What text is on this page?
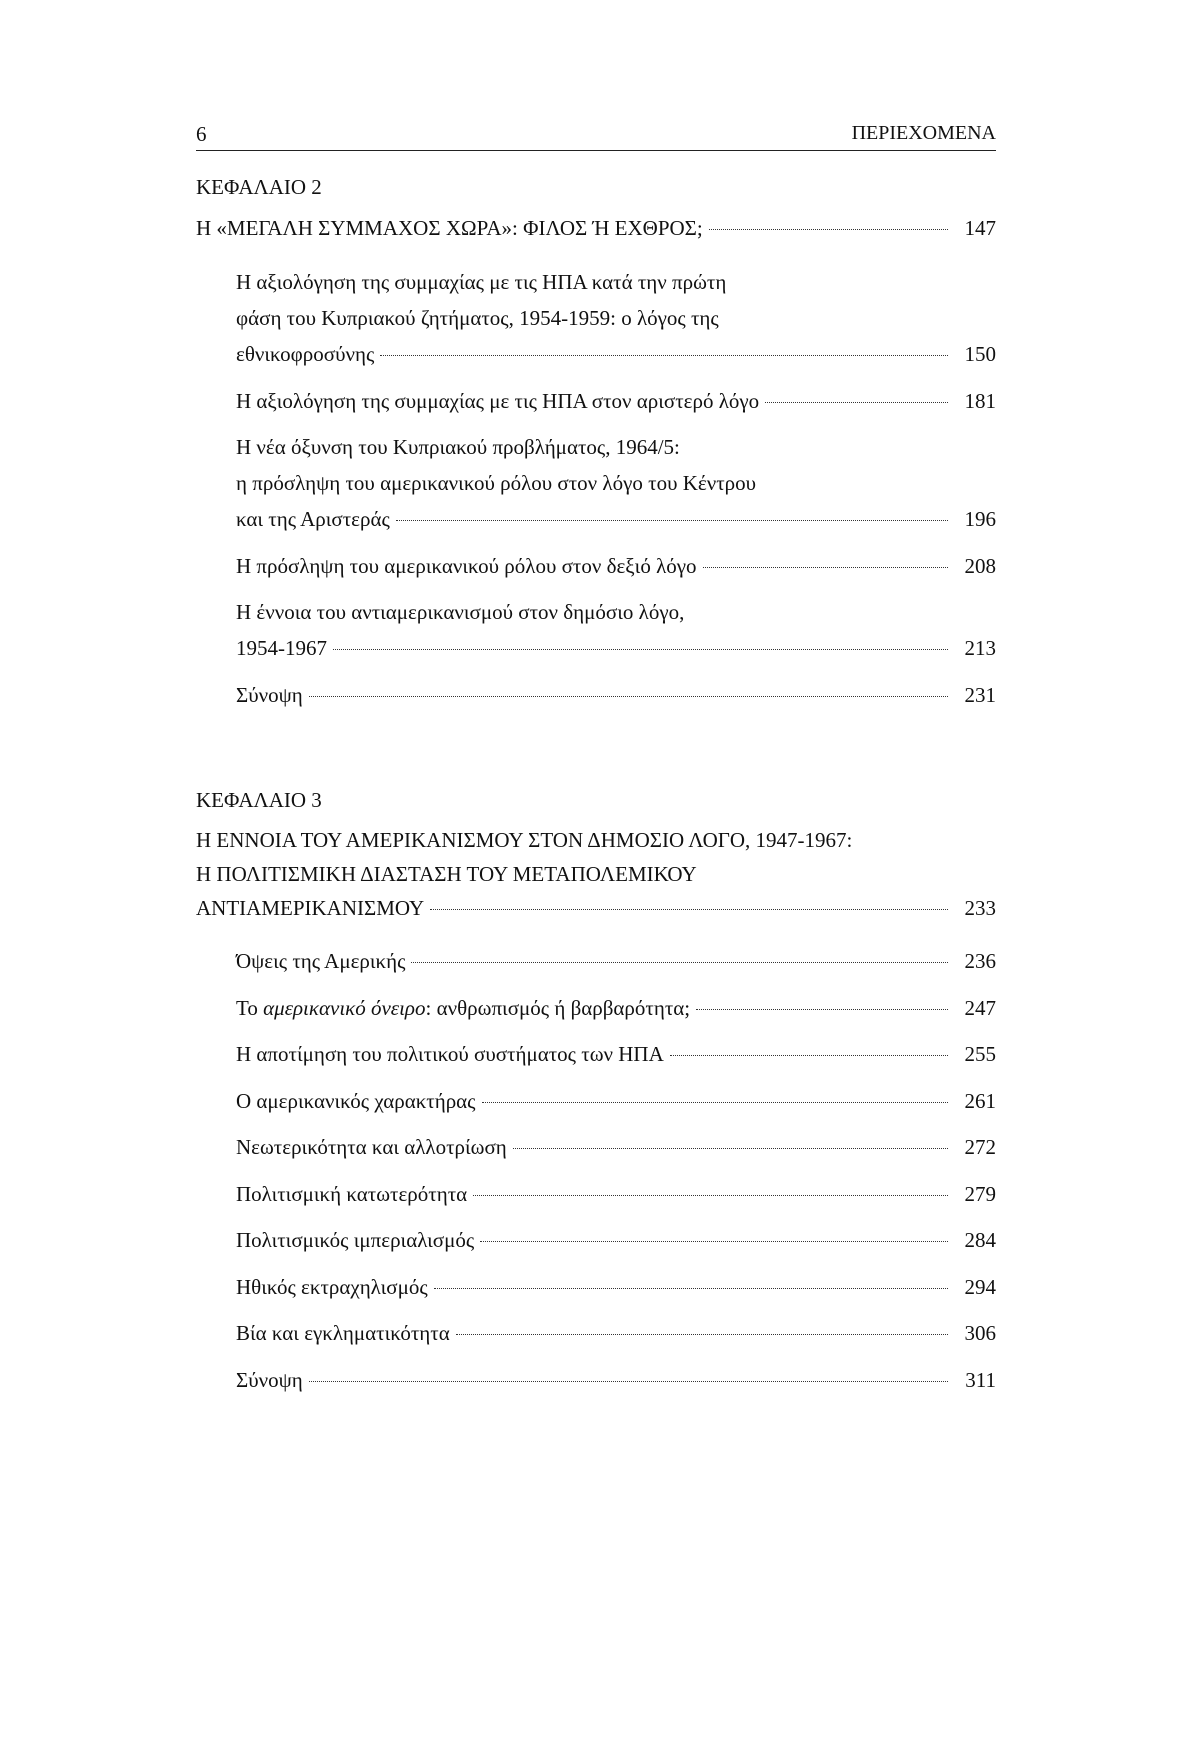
6	ΠΕΡΙΕΧΟΜΕΝΑ
ΚΕΦΑΛΑΙΟ 2
Η «ΜΕΓΑΛΗ ΣΥΜΜΑΧΟΣ ΧΩΡΑ»: ΦΙΛΟΣ Ή ΕΧΘΡΟΣ;	147
Η αξιολόγηση της συμμαχίας με τις ΗΠΑ κατά την πρώτη
φάση του Κυπριακού ζητήματος, 1954-1959: ο λόγος της
εθνικοφροσύνης	150
Η αξιολόγηση της συμμαχίας με τις ΗΠΑ στον αριστερό λόγο	181
Η νέα όξυνση του Κυπριακού προβλήματος, 1964/5:
η πρόσληψη του αμερικανικού ρόλου στον λόγο του Κέντρου
και της Αριστεράς	196
Η πρόσληψη του αμερικανικού ρόλου στον δεξιό λόγο	208
Η έννοια του αντιαμερικανισμού στον δημόσιο λόγο,
1954-1967	213
Σύνοψη	231
ΚΕΦΑΛΑΙΟ 3
Η ΕΝΝΟΙΑ ΤΟΥ ΑΜΕΡΙΚΑΝΙΣΜΟΥ ΣΤΟΝ ΔΗΜΟΣΙΟ ΛΟΓΟ, 1947-1967:
Η ΠΟΛΙΤΙΣΜΙΚΗ ΔΙΑΣΤΑΣΗ ΤΟΥ ΜΕΤΑΠΟΛΕΜΙΚΟΥ
ΑΝΤΙΑΜΕΡΙΚΑΝΙΣΜΟΥ	233
Όψεις της Αμερικής	236
Το αμερικανικό όνειρο: ανθρωπισμός ή βαρβαρότητα;	247
Η αποτίμηση του πολιτικού συστήματος των ΗΠΑ	255
Ο αμερικανικός χαρακτήρας	261
Νεωτερικότητα και αλλοτρίωση	272
Πολιτισμική κατωτερότητα	279
Πολιτισμικός ιμπεριαλισμός	284
Ηθικός εκτραχηλισμός	294
Βία και εγκληματικότητα	306
Σύνοψη	311
